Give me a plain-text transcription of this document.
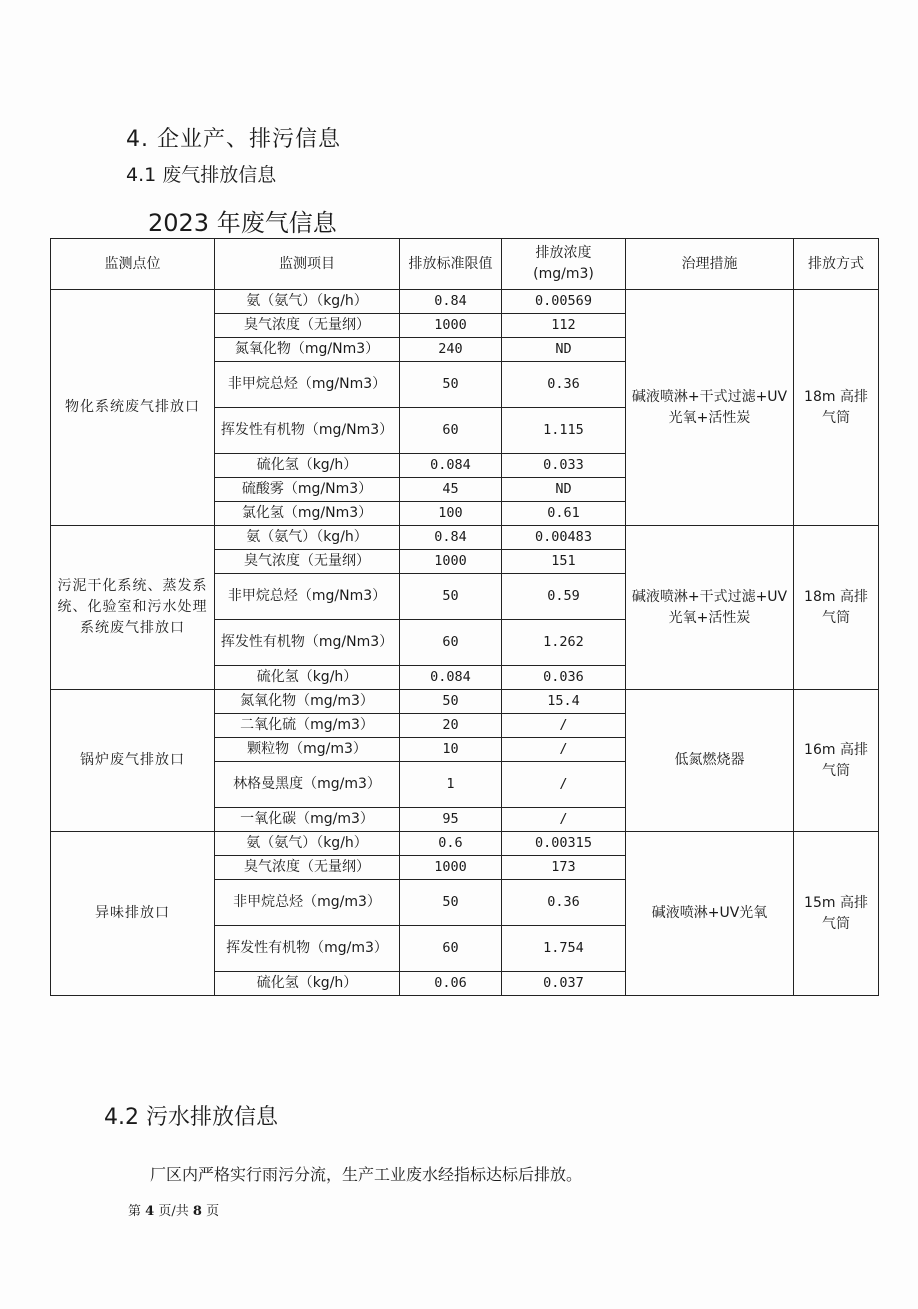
4. 企业产、排污信息
4.1 废气排放信息
2023 年废气信息
监测点位	监测项目	排放标准限值	排放浓度(mg/m3)	治理措施	排放方式
物化系统废气排放口	氨（氨气）（kg/h）	0.84	0.00569	碱液喷淋+干式过滤+UV光氧+活性炭	18m 高排气筒
	臭气浓度（无量纲）	1000	112		
	氮氧化物（mg/Nm3）	240	ND		
	非甲烷总烃（mg/Nm3）	50	0.36		
	挥发性有机物（mg/Nm3）	60	1.115		
	硫化氢（kg/h）	0.084	0.033		
	硫酸雾（mg/Nm3）	45	ND		
	氯化氢（mg/Nm3）	100	0.61		
污泥干化系统、蒸发系统、化验室和污水处理系统废气排放口	氨（氨气）（kg/h）	0.84	0.00483	碱液喷淋+干式过滤+UV光氧+活性炭	18m 高排气筒
	臭气浓度（无量纲）	1000	151		
	非甲烷总烃（mg/Nm3）	50	0.59		
	挥发性有机物（mg/Nm3）	60	1.262		
	硫化氢（kg/h）	0.084	0.036		
锅炉废气排放口	氮氧化物（mg/m3）	50	15.4	低氮燃烧器	16m 高排气筒
	二氧化硫（mg/m3）	20	/		
	颗粒物（mg/m3）	10	/		
	林格曼黑度（mg/m3）	1	/		
	一氧化碳（mg/m3）	95	/		
异味排放口	氨（氨气）（kg/h）	0.6	0.00315	碱液喷淋+UV光氧	15m 高排气筒
	臭气浓度（无量纲）	1000	173		
	非甲烷总烃（mg/m3）	50	0.36		
	挥发性有机物（mg/m3）	60	1.754		
	硫化氢（kg/h）	0.06	0.037		
4.2 污水排放信息
厂区内严格实行雨污分流，生产工业废水经指标达标后排放。
第 4 页/共 8 页
